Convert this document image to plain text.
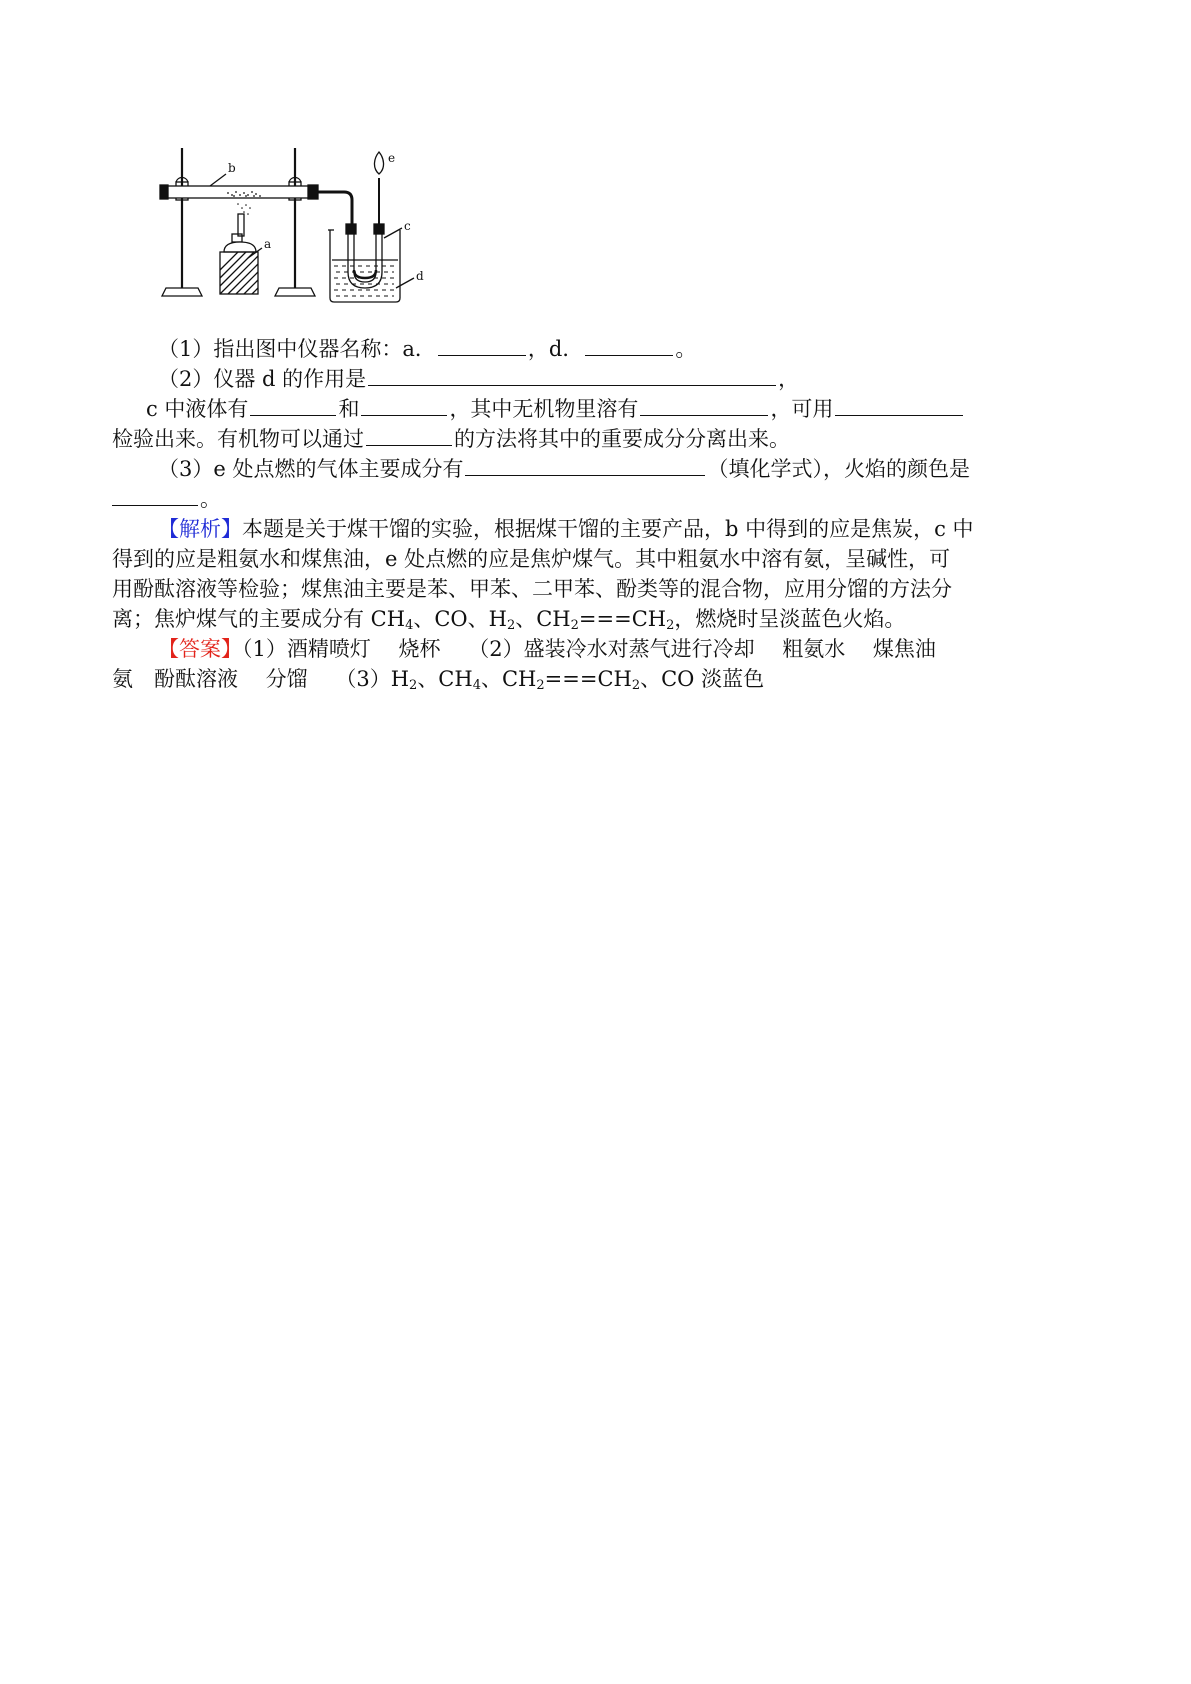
b
a
c
d
e
（1）指出图中仪器名称：a．	，d．	。
（2）仪器 d 的作用是	，
c 中液体有	和	，其中无机物里溶有	，可用
检验出来。有机物可以通过	的方法将其中的重要成分分离出来。
（3）e 处点燃的气体主要成分有	（填化学式），火焰的颜色是
。
【解析】本题是关于煤干馏的实验，根据煤干馏的主要产品，b 中得到的应是焦炭，c 中
得到的应是粗氨水和煤焦油，e 处点燃的应是焦炉煤气。其中粗氨水中溶有氨，呈碱性，可
用酚酞溶液等检验；煤焦油主要是苯、甲苯、二甲苯、酚类等的混合物，应用分馏的方法分
离；焦炉煤气的主要成分有 $CH_4$、CO、$H_2$、$CH_2===CH_2$，燃烧时呈淡蓝色火焰。
【答案】（1）酒精喷灯　 烧杯　 （2）盛装冷水对蒸气进行冷却　 粗氨水　 煤焦油
氨　酚酞溶液　 分馏　 $(3)H_2$、$CH_4$、$CH_2===CH_2$、CO 淡蓝色
